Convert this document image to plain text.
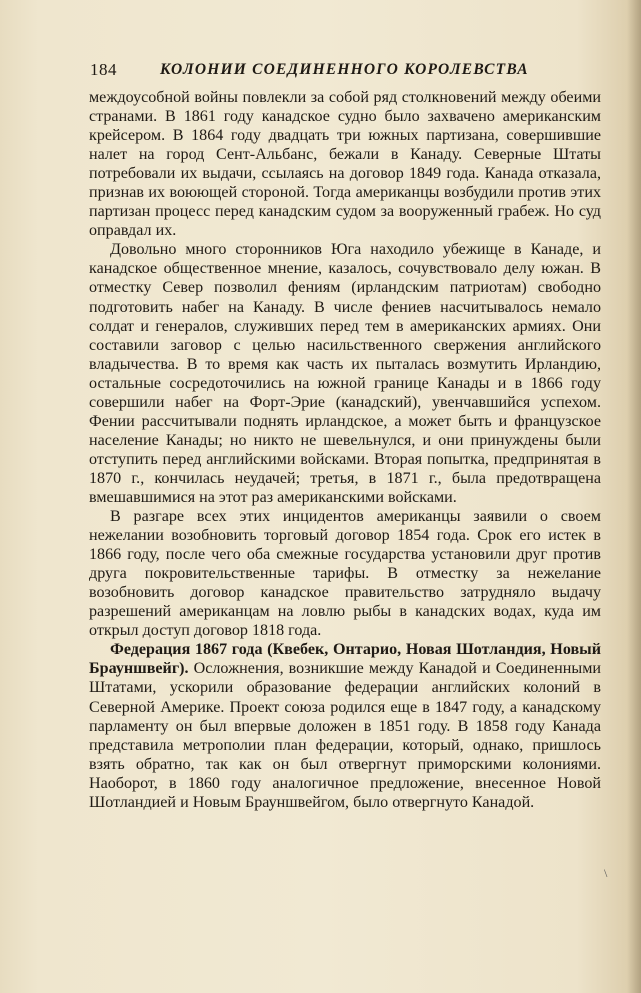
184	КОЛОНИИ СОЕДИНЕННОГО КОРОЛЕВСТВА

междоусобной войны повлекли за собой ряд столкновений между обеими странами. В 1861 году канадское судно было захвачено американским крейсером. В 1864 году двадцать три южных партизана, совершившие налет на город Сент-Альбанс, бежали в Канаду. Северные Штаты потребовали их выдачи, ссылаясь на договор 1849 года. Канада отказала, признав их воюющей стороной. Тогда американцы возбудили против этих партизан процесс перед канадским судом за вооруженный грабеж. Но суд оправдал их.

Довольно много сторонников Юга находило убежище в Канаде, и канадское общественное мнение, казалось, сочувствовало делу южан. В отместку Север позволил фениям (ирландским патриотам) свободно подготовить набег на Канаду. В числе фениев насчитывалось немало солдат и генералов, служивших перед тем в американских армиях. Они составили заговор с целью насильственного свержения английского владычества. В то время как часть их пыталась возмутить Ирландию, остальные сосредоточились на южной границе Канады и в 1866 году совершили набег на Форт-Эрие (канадский), увенчавшийся успехом. Фении рассчитывали поднять ирландское, а может быть и французское население Канады; но никто не шевельнулся, и они принуждены были отступить перед английскими войсками. Вторая попытка, предпринятая в 1870 г., кончилась неудачей; третья, в 1871 г., была предотвращена вмешавшимися на этот раз американскими войсками.

В разгаре всех этих инцидентов американцы заявили о своем нежелании возобновить торговый договор 1854 года. Срок его истек в 1866 году, после чего оба смежные государства установили друг против друга покровительственные тарифы. В отместку за нежелание возобновить договор канадское правительство затрудняло выдачу разрешений американцам на ловлю рыбы в канадских водах, куда им открыл доступ договор 1818 года.

Федерация 1867 года (Квебек, Онтарио, Новая Шотландия, Новый Брауншвейг). Осложнения, возникшие между Канадой и Соединенными Штатами, ускорили образование федерации английских колоний в Северной Америке. Проект союза родился еще в 1847 году, а канадскому парламенту он был впервые доложен в 1851 году. В 1858 году Канада представила метрополии план федерации, который, однако, пришлось взять обратно, так как он был отвергнут приморскими колониями. Наоборот, в 1860 году аналогичное предложение, внесенное Новой Шотландией и Новым Брауншвейгом, было отвергнуто Канадой.

\
